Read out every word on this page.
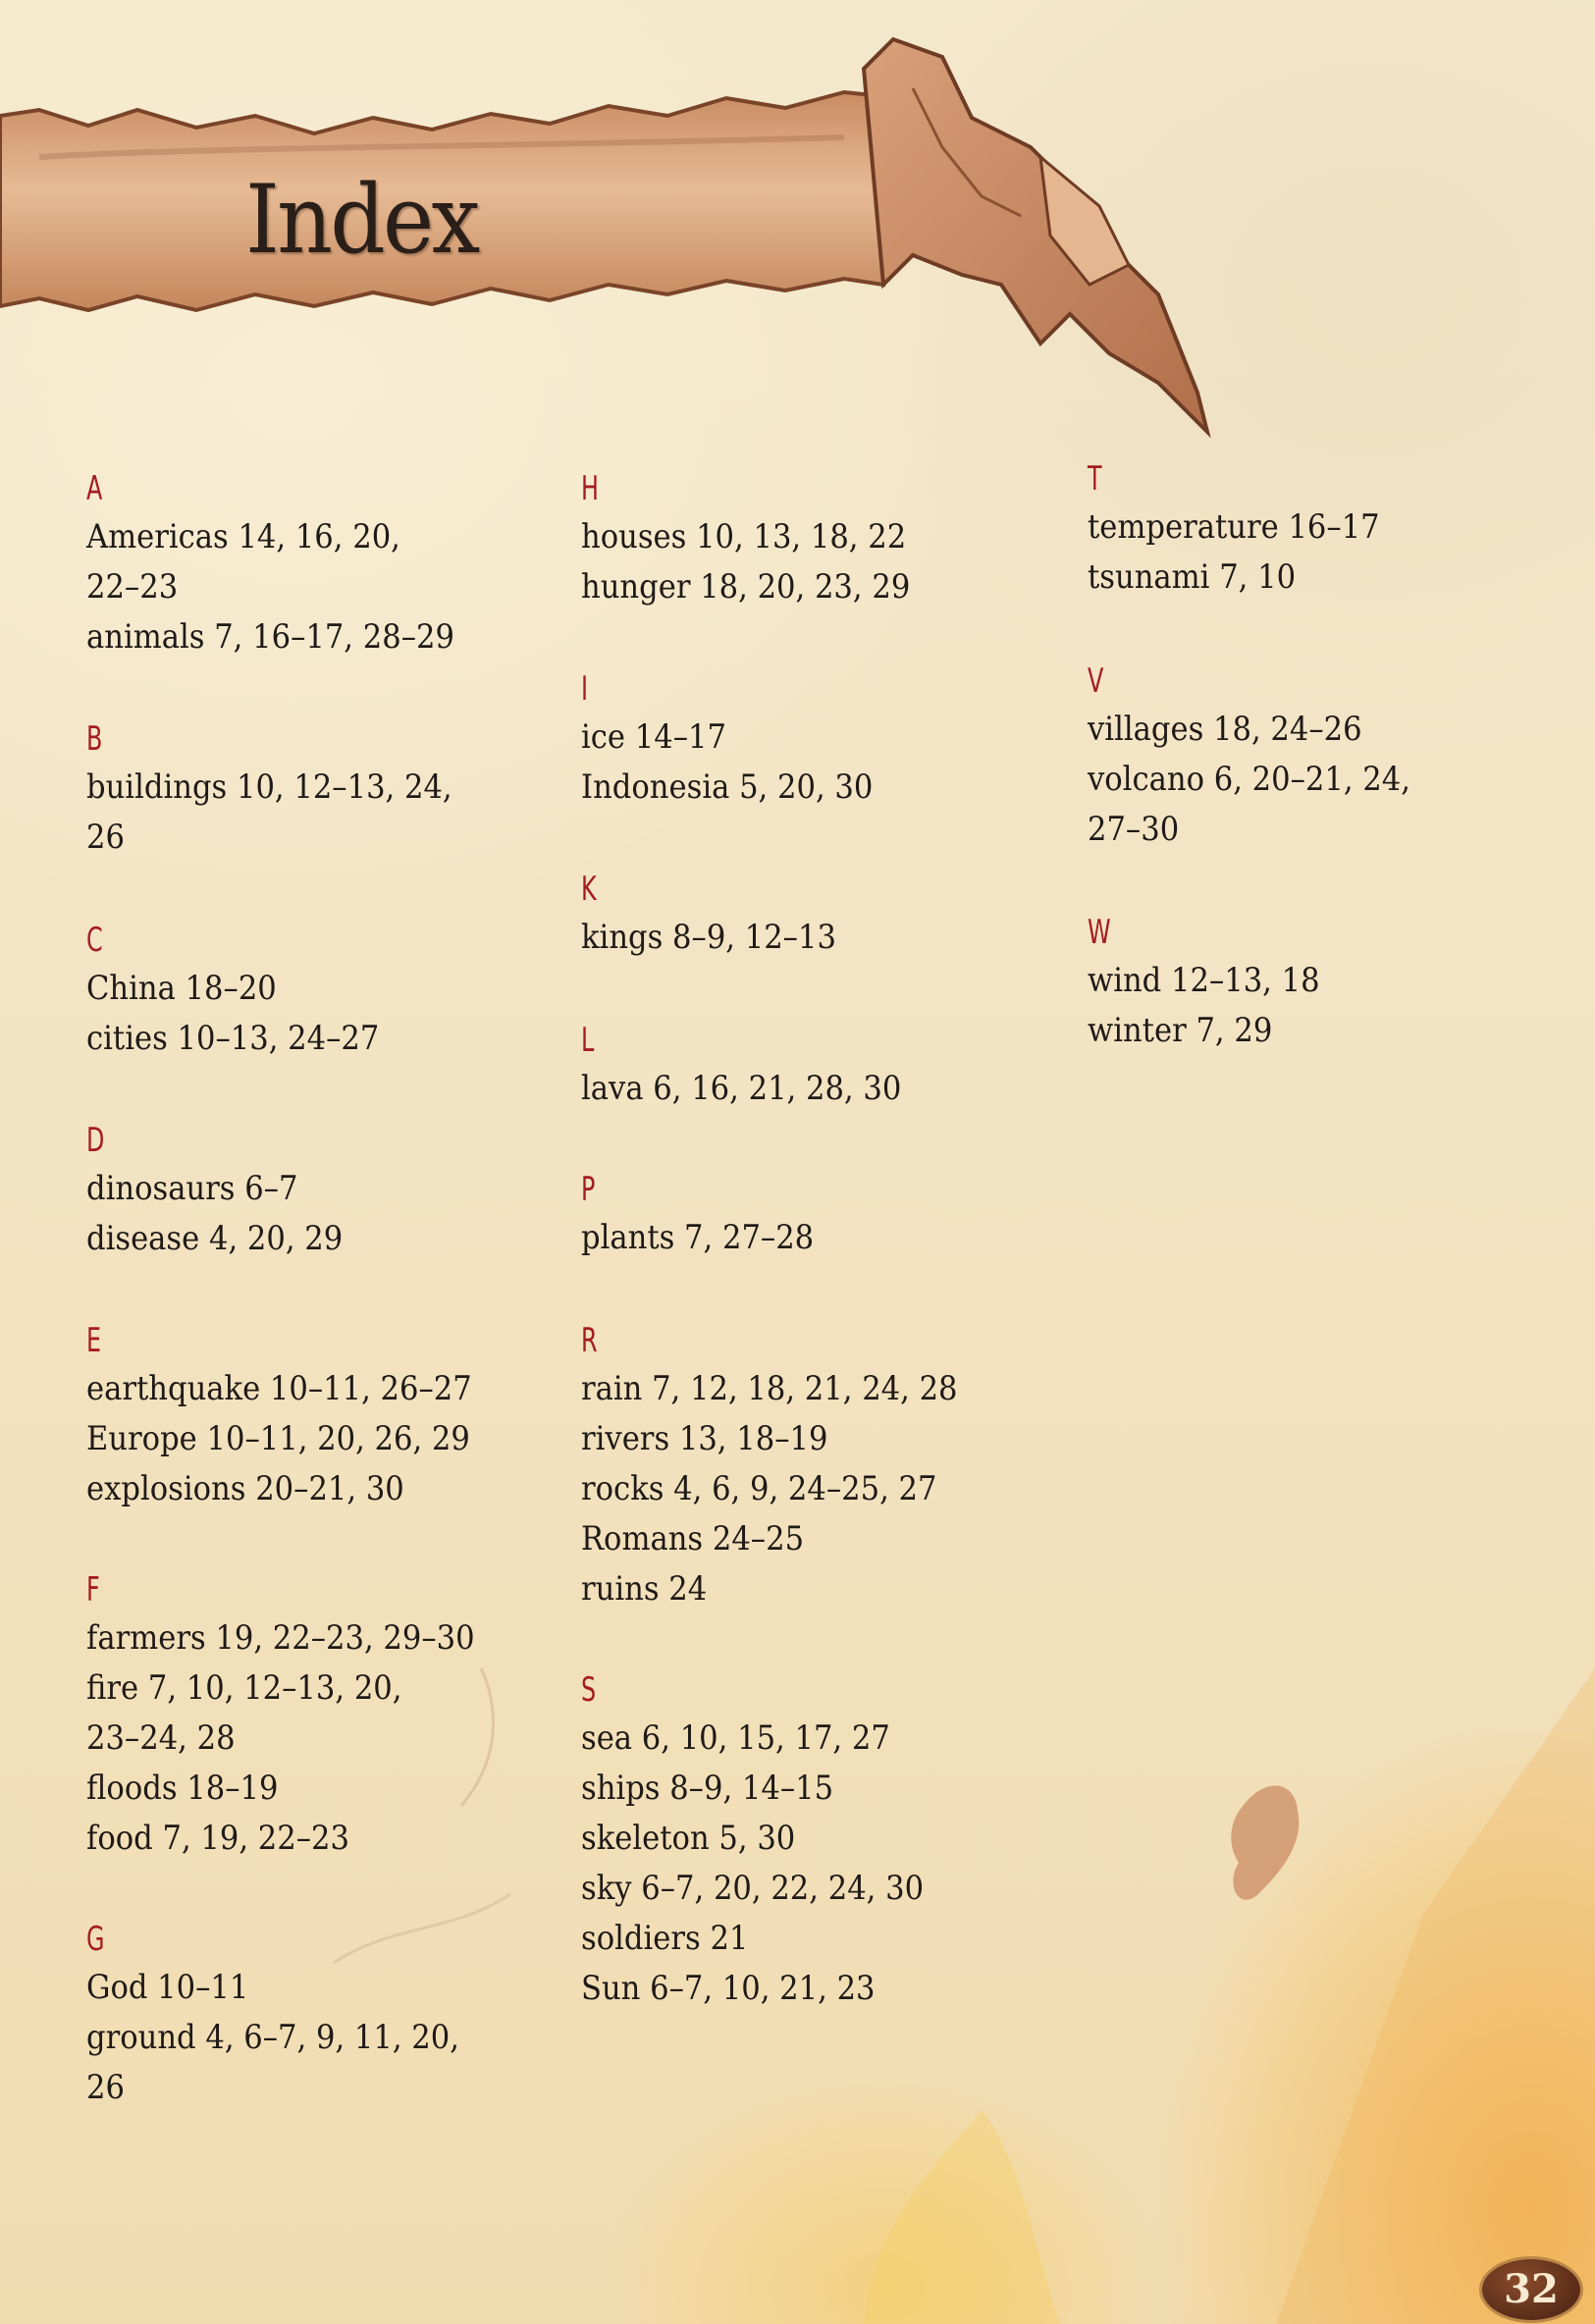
Index
A
Americas 14, 16, 20,
22–23
animals 7, 16–17, 28–29
B
buildings 10, 12–13, 24,
26
C
China 18–20
cities 10–13, 24–27
D
dinosaurs 6–7
disease 4, 20, 29
E
earthquake 10–11, 26–27
Europe 10–11, 20, 26, 29
explosions 20–21, 30
F
farmers 19, 22–23, 29–30
fire 7, 10, 12–13, 20,
23–24, 28
floods 18–19
food 7, 19, 22–23
G
God 10–11
ground 4, 6–7, 9, 11, 20,
26
H
houses 10, 13, 18, 22
hunger 18, 20, 23, 29
I
ice 14–17
Indonesia 5, 20, 30
K
kings 8–9, 12–13
L
lava 6, 16, 21, 28, 30
P
plants 7, 27–28
R
rain 7, 12, 18, 21, 24, 28
rivers 13, 18–19
rocks 4, 6, 9, 24–25, 27
Romans 24–25
ruins 24
S
sea 6, 10, 15, 17, 27
ships 8–9, 14–15
skeleton 5, 30
sky 6–7, 20, 22, 24, 30
soldiers 21
Sun 6–7, 10, 21, 23
T
temperature 16–17
tsunami 7, 10
V
villages 18, 24–26
volcano 6, 20–21, 24,
27–30
W
wind 12–13, 18
winter 7, 29
32
